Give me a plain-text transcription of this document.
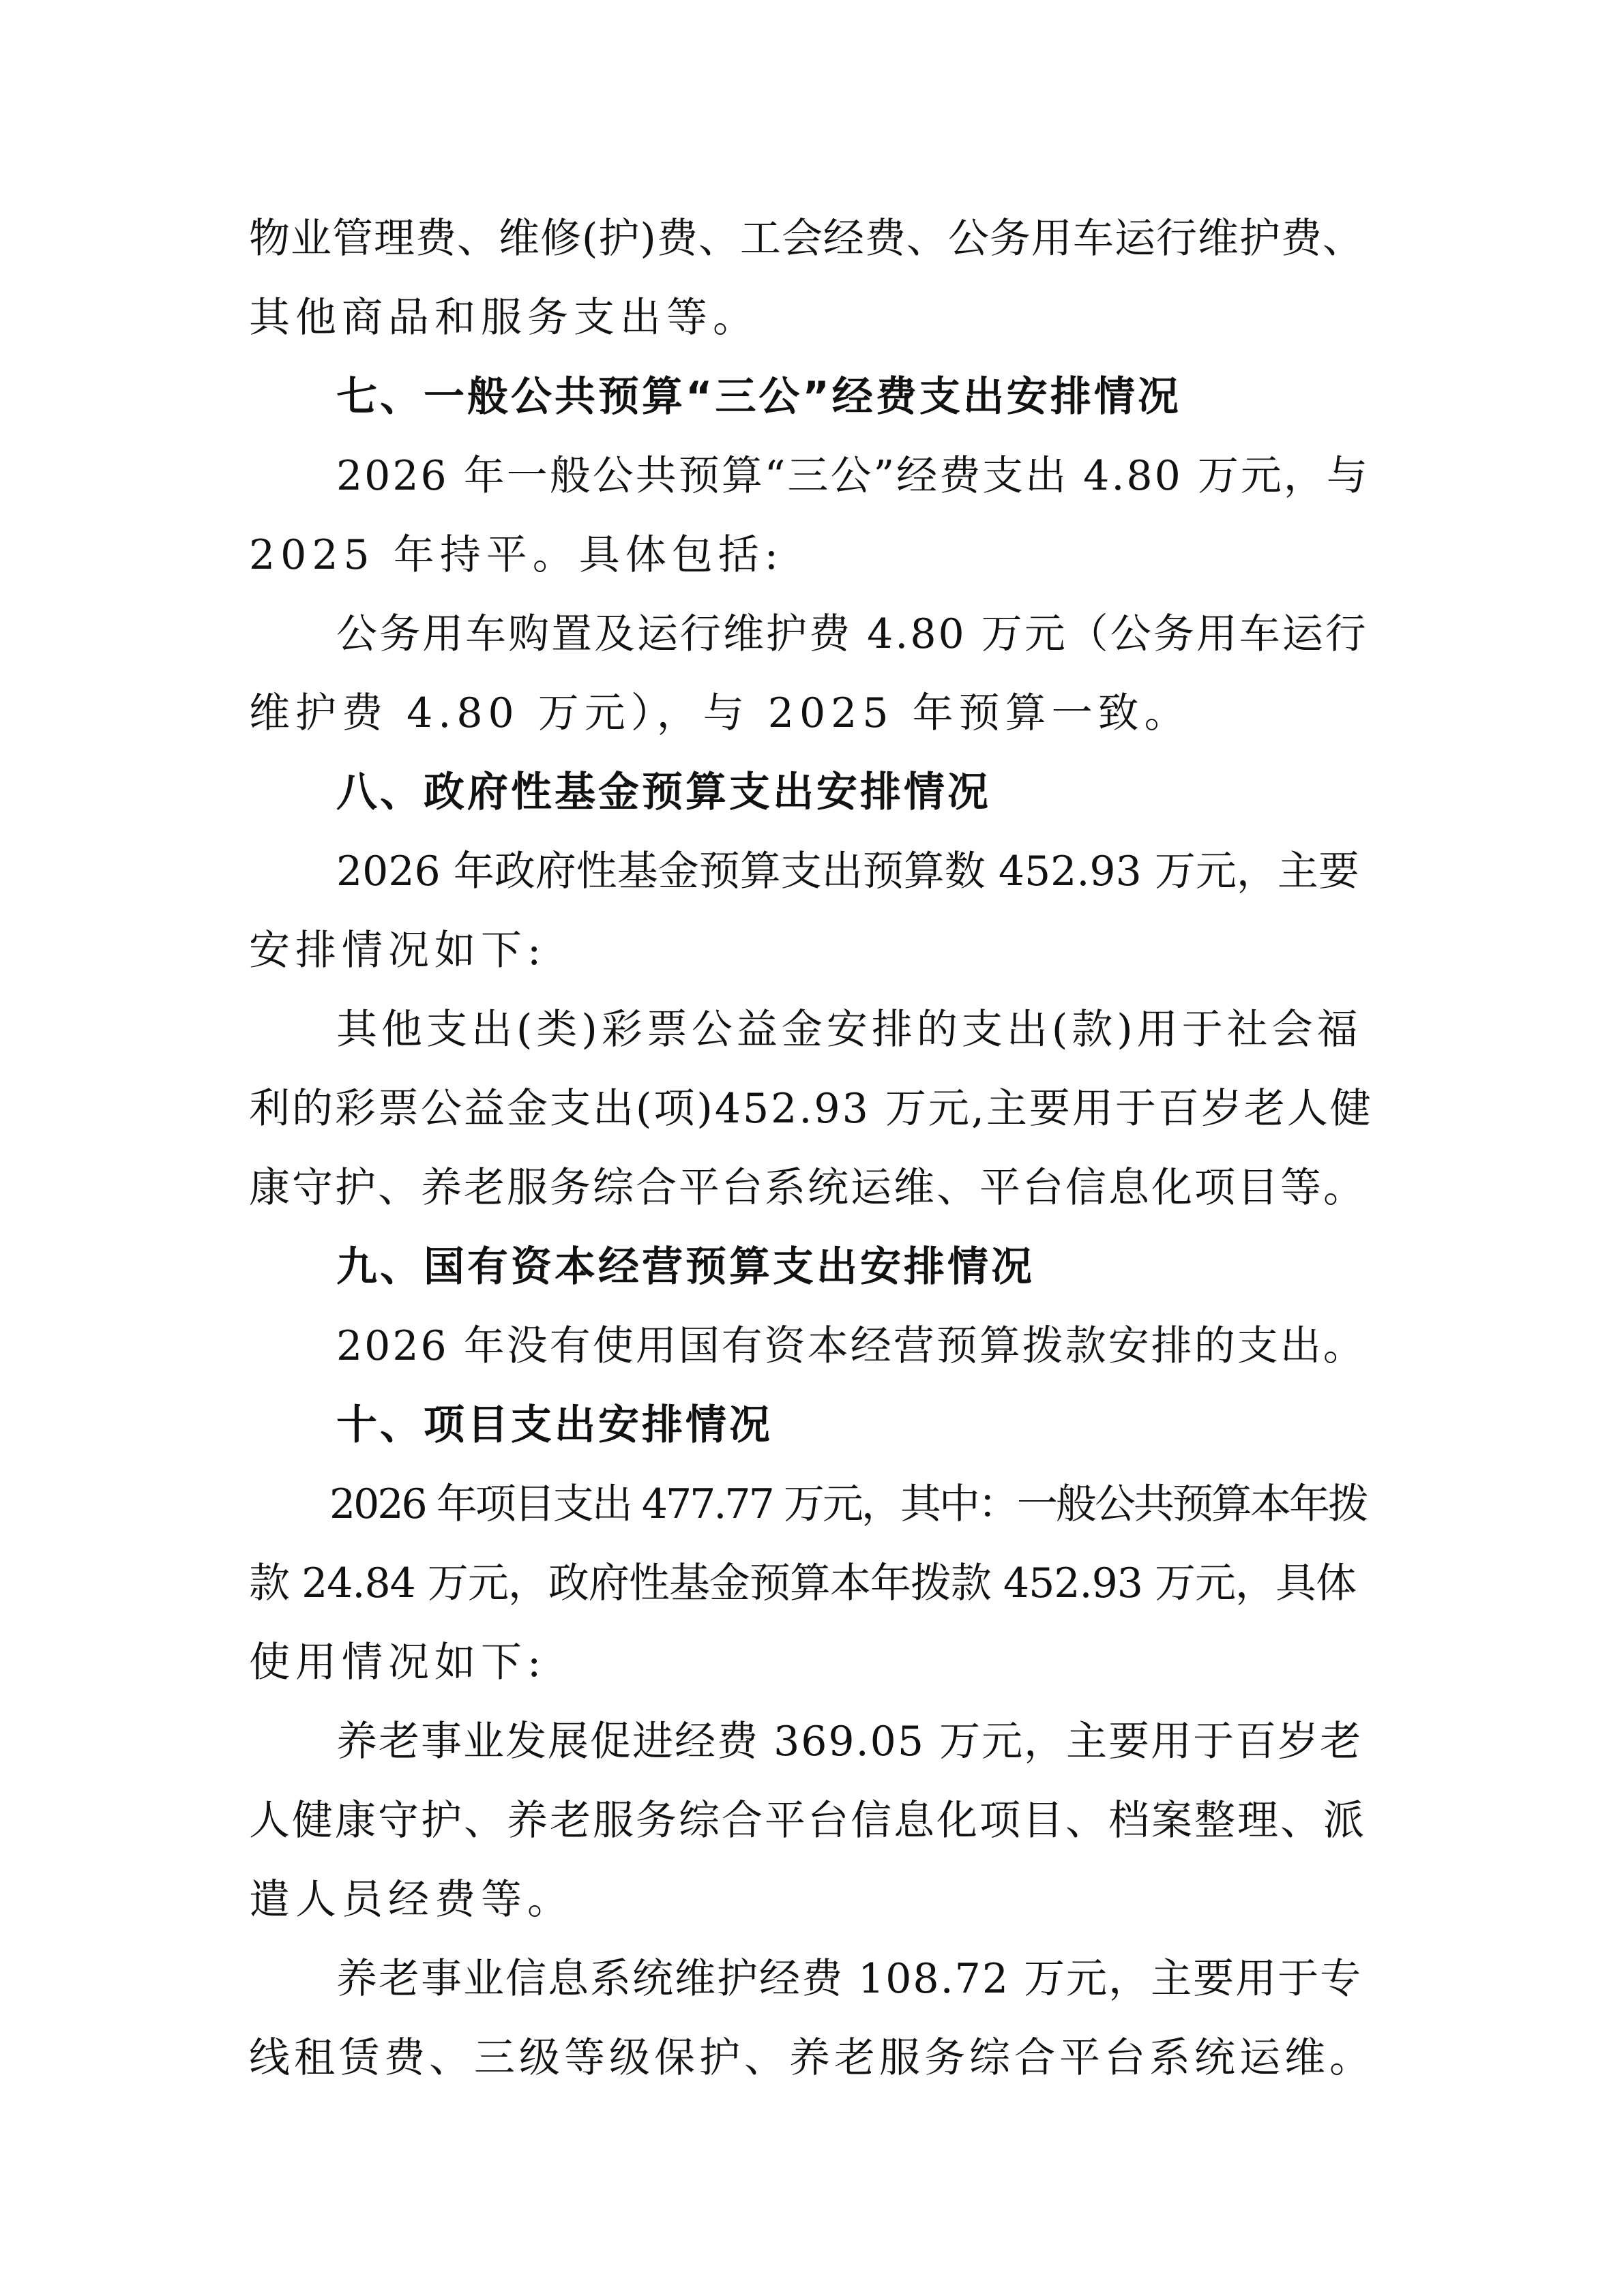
物业管理费、维修(护)费、工会经费、公务用车运行维护费、
其他商品和服务支出等。
七、一般公共预算“三公”经费支出安排情况
2026 年一般公共预算“三公”经费支出 4.80 万元，与
2025 年持平。具体包括:
公务用车购置及运行维护费 4.80 万元（公务用车运行
维护费 4.80 万元），与 2025 年预算一致。
八、政府性基金预算支出安排情况
2026 年政府性基金预算支出预算数 452.93 万元，主要
安排情况如下:
其他支出(类)彩票公益金安排的支出(款)用于社会福
利的彩票公益金支出(项)452.93 万元,主要用于百岁老人健
康守护、养老服务综合平台系统运维、平台信息化项目等。
九、国有资本经营预算支出安排情况
2026 年没有使用国有资本经营预算拨款安排的支出。
十、项目支出安排情况
2026 年项目支出 477.77 万元，其中：一般公共预算本年拨
款 24.84 万元，政府性基金预算本年拨款 452.93 万元，具体
使用情况如下:
养老事业发展促进经费 369.05 万元，主要用于百岁老
人健康守护、养老服务综合平台信息化项目、档案整理、派
遣人员经费等。
养老事业信息系统维护经费 108.72 万元，主要用于专
线租赁费、三级等级保护、养老服务综合平台系统运维。
